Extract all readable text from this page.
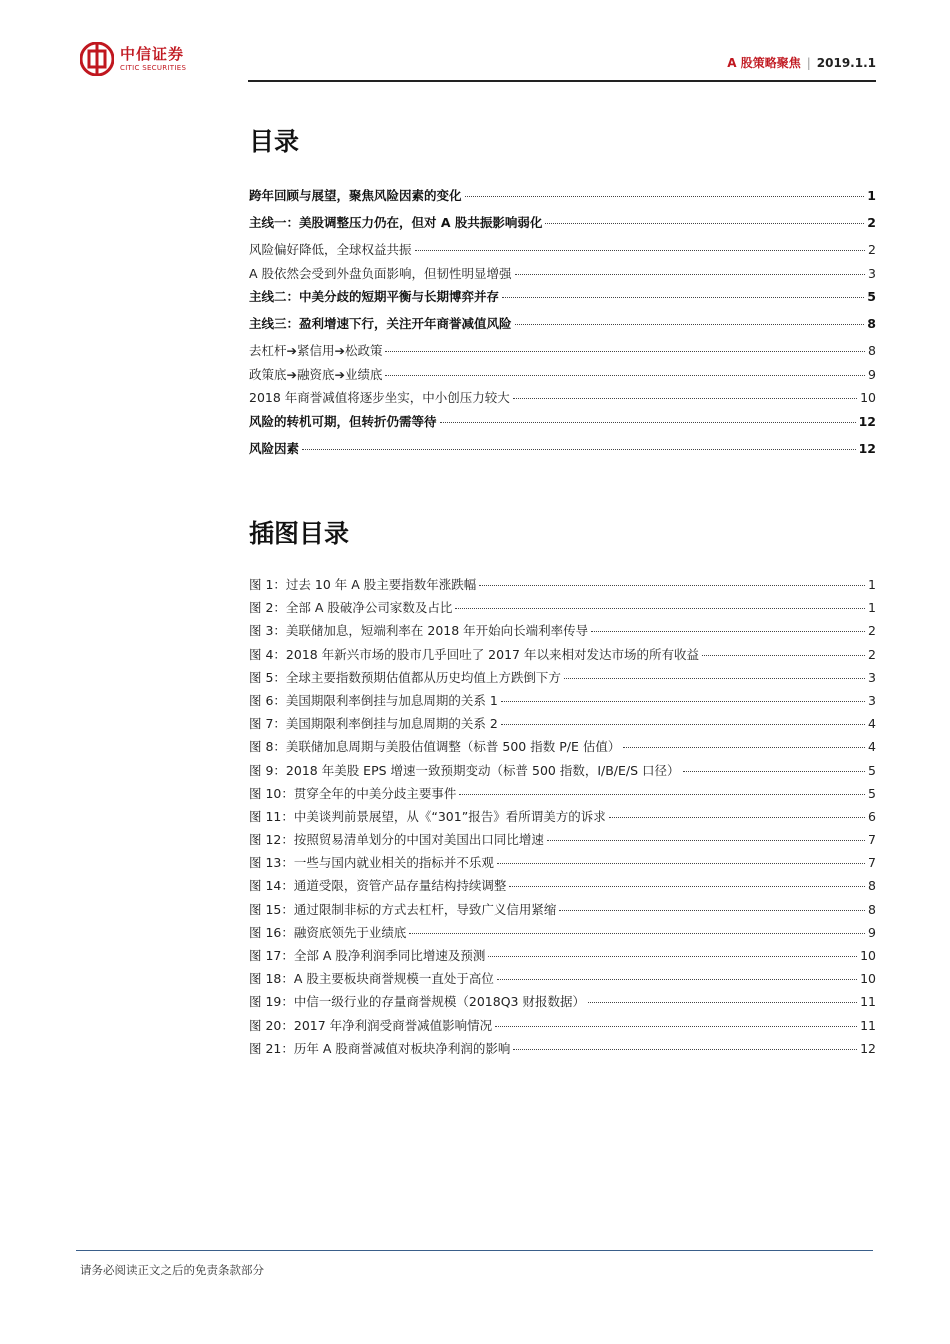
中信证券
CITIC SECURITIES	A 股策略聚焦 | 2019.1.1
目录
跨年回顾与展望，聚焦风险因素的变化	1
主线一：美股调整压力仍在，但对 A 股共振影响弱化	2
风险偏好降低，全球权益共振	2
A 股依然会受到外盘负面影响，但韧性明显增强	3
主线二：中美分歧的短期平衡与长期博弈并存	5
主线三：盈利增速下行，关注开年商誉减值风险	8
去杠杆➔紧信用➔松政策	8
政策底➔融资底➔业绩底	9
2018 年商誉减值将逐步坐实，中小创压力较大	10
风险的转机可期，但转折仍需等待	12
风险因素	12
插图目录
图 1：过去 10 年 A 股主要指数年涨跌幅	1
图 2：全部 A 股破净公司家数及占比	1
图 3：美联储加息，短端利率在 2018 年开始向长端利率传导	2
图 4：2018 年新兴市场的股市几乎回吐了 2017 年以来相对发达市场的所有收益	2
图 5：全球主要指数预期估值都从历史均值上方跌倒下方	3
图 6：美国期限利率倒挂与加息周期的关系 1	3
图 7：美国期限利率倒挂与加息周期的关系 2	4
图 8：美联储加息周期与美股估值调整（标普 500 指数 P/E 估值）	4
图 9：2018 年美股 EPS 增速一致预期变动（标普 500 指数，I/B/E/S 口径）	5
图 10：贯穿全年的中美分歧主要事件	5
图 11：中美谈判前景展望，从《“301”报告》看所谓美方的诉求	6
图 12：按照贸易清单划分的中国对美国出口同比增速	7
图 13：一些与国内就业相关的指标并不乐观	7
图 14：通道受限，资管产品存量结构持续调整	8
图 15：通过限制非标的方式去杠杆，导致广义信用紧缩	8
图 16：融资底领先于业绩底	9
图 17：全部 A 股净利润季同比增速及预测	10
图 18：A 股主要板块商誉规模一直处于高位	10
图 19：中信一级行业的存量商誉规模（2018Q3 财报数据）	11
图 20：2017 年净利润受商誉减值影响情况	11
图 21：历年 A 股商誉减值对板块净利润的影响	12
请务必阅读正文之后的免责条款部分
